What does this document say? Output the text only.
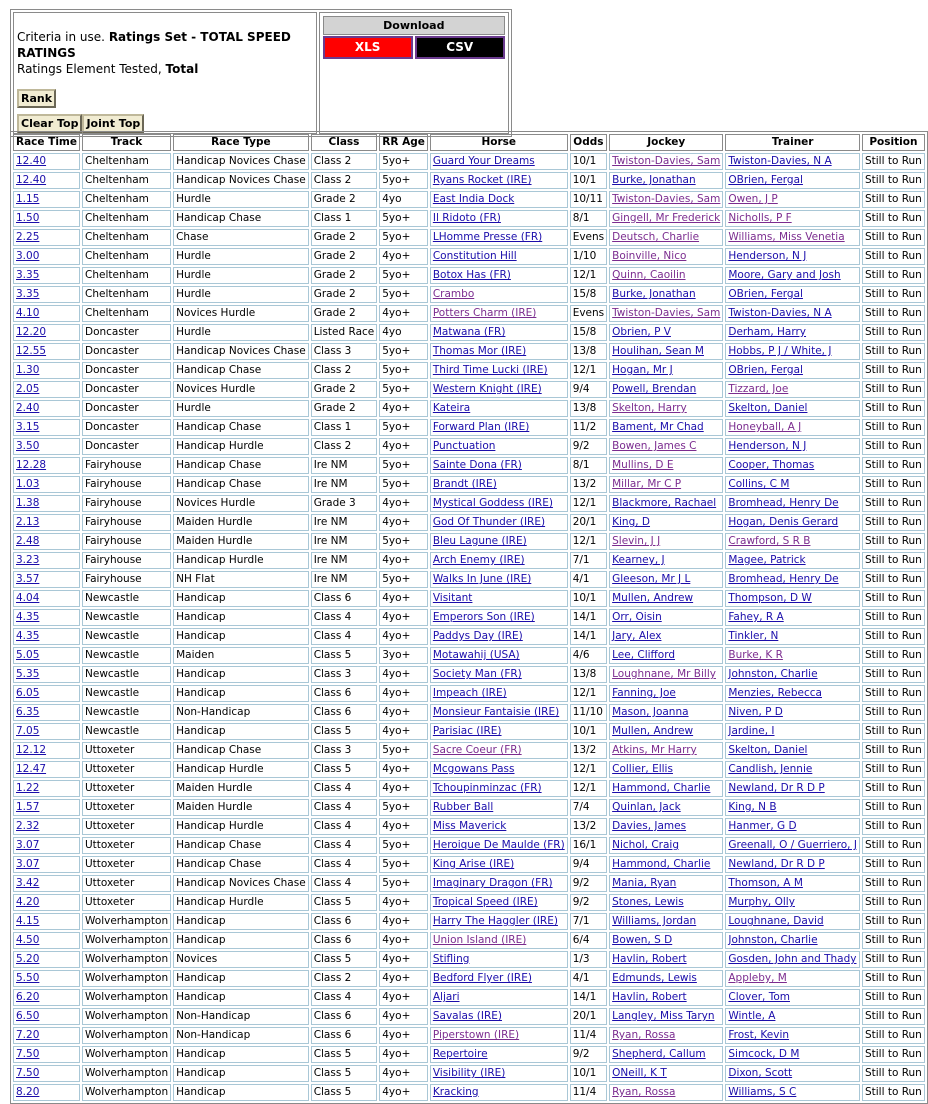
Criteria in use. Ratings Set - TOTAL SPEED RATINGS
Ratings Element Tested, Total
Rank
Clear Top Joint Top

Download
XLS	CSV
Race Time	Track	Race Type	Class	RR Age	Horse	Odds	Jockey	Trainer	Position
12.40	Cheltenham	Handicap Novices Chase	Class 2	5yo+	Guard Your Dreams	10/1	Twiston-Davies, Sam	Twiston-Davies, N A	Still to Run
12.40	Cheltenham	Handicap Novices Chase	Class 2	5yo+	Ryans Rocket (IRE)	10/1	Burke, Jonathan	OBrien, Fergal	Still to Run
1.15	Cheltenham	Hurdle	Grade 2	4yo	East India Dock	10/11	Twiston-Davies, Sam	Owen, J P	Still to Run
1.50	Cheltenham	Handicap Chase	Class 1	5yo+	Il Ridoto (FR)	8/1	Gingell, Mr Frederick	Nicholls, P F	Still to Run
2.25	Cheltenham	Chase	Grade 2	5yo+	LHomme Presse (FR)	Evens	Deutsch, Charlie	Williams, Miss Venetia	Still to Run
3.00	Cheltenham	Hurdle	Grade 2	4yo+	Constitution Hill	1/10	Boinville, Nico	Henderson, N J	Still to Run
3.35	Cheltenham	Hurdle	Grade 2	5yo+	Botox Has (FR)	12/1	Quinn, Caoilin	Moore, Gary and Josh	Still to Run
3.35	Cheltenham	Hurdle	Grade 2	5yo+	Crambo	15/8	Burke, Jonathan	OBrien, Fergal	Still to Run
4.10	Cheltenham	Novices Hurdle	Grade 2	4yo+	Potters Charm (IRE)	Evens	Twiston-Davies, Sam	Twiston-Davies, N A	Still to Run
12.20	Doncaster	Hurdle	Listed Race	4yo	Matwana (FR)	15/8	Obrien, P V	Derham, Harry	Still to Run
12.55	Doncaster	Handicap Novices Chase	Class 3	5yo+	Thomas Mor (IRE)	13/8	Houlihan, Sean M	Hobbs, P J / White, J	Still to Run
1.30	Doncaster	Handicap Chase	Class 2	5yo+	Third Time Lucki (IRE)	12/1	Hogan, Mr J	OBrien, Fergal	Still to Run
2.05	Doncaster	Novices Hurdle	Grade 2	5yo+	Western Knight (IRE)	9/4	Powell, Brendan	Tizzard, Joe	Still to Run
2.40	Doncaster	Hurdle	Grade 2	4yo+	Kateira	13/8	Skelton, Harry	Skelton, Daniel	Still to Run
3.15	Doncaster	Handicap Chase	Class 1	5yo+	Forward Plan (IRE)	11/2	Bament, Mr Chad	Honeyball, A J	Still to Run
3.50	Doncaster	Handicap Hurdle	Class 2	4yo+	Punctuation	9/2	Bowen, James C	Henderson, N J	Still to Run
12.28	Fairyhouse	Handicap Chase	Ire NM	5yo+	Sainte Dona (FR)	8/1	Mullins, D E	Cooper, Thomas	Still to Run
1.03	Fairyhouse	Handicap Chase	Ire NM	5yo+	Brandt (IRE)	13/2	Millar, Mr C P	Collins, C M	Still to Run
1.38	Fairyhouse	Novices Hurdle	Grade 3	4yo+	Mystical Goddess (IRE)	12/1	Blackmore, Rachael	Bromhead, Henry De	Still to Run
2.13	Fairyhouse	Maiden Hurdle	Ire NM	4yo+	God Of Thunder (IRE)	20/1	King, D	Hogan, Denis Gerard	Still to Run
2.48	Fairyhouse	Maiden Hurdle	Ire NM	5yo+	Bleu Lagune (IRE)	12/1	Slevin, J J	Crawford, S R B	Still to Run
3.23	Fairyhouse	Handicap Hurdle	Ire NM	4yo+	Arch Enemy (IRE)	7/1	Kearney, J	Magee, Patrick	Still to Run
3.57	Fairyhouse	NH Flat	Ire NM	5yo+	Walks In June (IRE)	4/1	Gleeson, Mr J L	Bromhead, Henry De	Still to Run
4.04	Newcastle	Handicap	Class 6	4yo+	Visitant	10/1	Mullen, Andrew	Thompson, D W	Still to Run
4.35	Newcastle	Handicap	Class 4	4yo+	Emperors Son (IRE)	14/1	Orr, Oisin	Fahey, R A	Still to Run
4.35	Newcastle	Handicap	Class 4	4yo+	Paddys Day (IRE)	14/1	Jary, Alex	Tinkler, N	Still to Run
5.05	Newcastle	Maiden	Class 5	3yo+	Motawahij (USA)	4/6	Lee, Clifford	Burke, K R	Still to Run
5.35	Newcastle	Handicap	Class 3	4yo+	Society Man (FR)	13/8	Loughnane, Mr Billy	Johnston, Charlie	Still to Run
6.05	Newcastle	Handicap	Class 6	4yo+	Impeach (IRE)	12/1	Fanning, Joe	Menzies, Rebecca	Still to Run
6.35	Newcastle	Non-Handicap	Class 6	4yo+	Monsieur Fantaisie (IRE)	11/10	Mason, Joanna	Niven, P D	Still to Run
7.05	Newcastle	Handicap	Class 5	4yo+	Parisiac (IRE)	10/1	Mullen, Andrew	Jardine, I	Still to Run
12.12	Uttoxeter	Handicap Chase	Class 3	5yo+	Sacre Coeur (FR)	13/2	Atkins, Mr Harry	Skelton, Daniel	Still to Run
12.47	Uttoxeter	Handicap Hurdle	Class 5	4yo+	Mcgowans Pass	12/1	Collier, Ellis	Candlish, Jennie	Still to Run
1.22	Uttoxeter	Maiden Hurdle	Class 4	4yo+	Tchoupinminzac (FR)	12/1	Hammond, Charlie	Newland, Dr R D P	Still to Run
1.57	Uttoxeter	Maiden Hurdle	Class 4	5yo+	Rubber Ball	7/4	Quinlan, Jack	King, N B	Still to Run
2.32	Uttoxeter	Handicap Hurdle	Class 4	4yo+	Miss Maverick	13/2	Davies, James	Hanmer, G D	Still to Run
3.07	Uttoxeter	Handicap Chase	Class 4	5yo+	Heroique De Maulde (FR)	16/1	Nichol, Craig	Greenall, O / Guerriero, J	Still to Run
3.07	Uttoxeter	Handicap Chase	Class 4	5yo+	King Arise (IRE)	9/4	Hammond, Charlie	Newland, Dr R D P	Still to Run
3.42	Uttoxeter	Handicap Novices Chase	Class 4	5yo+	Imaginary Dragon (FR)	9/2	Mania, Ryan	Thomson, A M	Still to Run
4.20	Uttoxeter	Handicap Hurdle	Class 5	4yo+	Tropical Speed (IRE)	9/2	Stones, Lewis	Murphy, Olly	Still to Run
4.15	Wolverhampton	Handicap	Class 6	4yo+	Harry The Haggler (IRE)	7/1	Williams, Jordan	Loughnane, David	Still to Run
4.50	Wolverhampton	Handicap	Class 6	4yo+	Union Island (IRE)	6/4	Bowen, S D	Johnston, Charlie	Still to Run
5.20	Wolverhampton	Novices	Class 5	4yo+	Stifling	1/3	Havlin, Robert	Gosden, John and Thady	Still to Run
5.50	Wolverhampton	Handicap	Class 2	4yo+	Bedford Flyer (IRE)	4/1	Edmunds, Lewis	Appleby, M	Still to Run
6.20	Wolverhampton	Handicap	Class 4	4yo+	Aljari	14/1	Havlin, Robert	Clover, Tom	Still to Run
6.50	Wolverhampton	Non-Handicap	Class 6	4yo+	Savalas (IRE)	20/1	Langley, Miss Taryn	Wintle, A	Still to Run
7.20	Wolverhampton	Non-Handicap	Class 6	4yo+	Piperstown (IRE)	11/4	Ryan, Rossa	Frost, Kevin	Still to Run
7.50	Wolverhampton	Handicap	Class 5	4yo+	Repertoire	9/2	Shepherd, Callum	Simcock, D M	Still to Run
7.50	Wolverhampton	Handicap	Class 5	4yo+	Visibility (IRE)	10/1	ONeill, K T	Dixon, Scott	Still to Run
8.20	Wolverhampton	Handicap	Class 5	4yo+	Kracking	11/4	Ryan, Rossa	Williams, S C	Still to Run
